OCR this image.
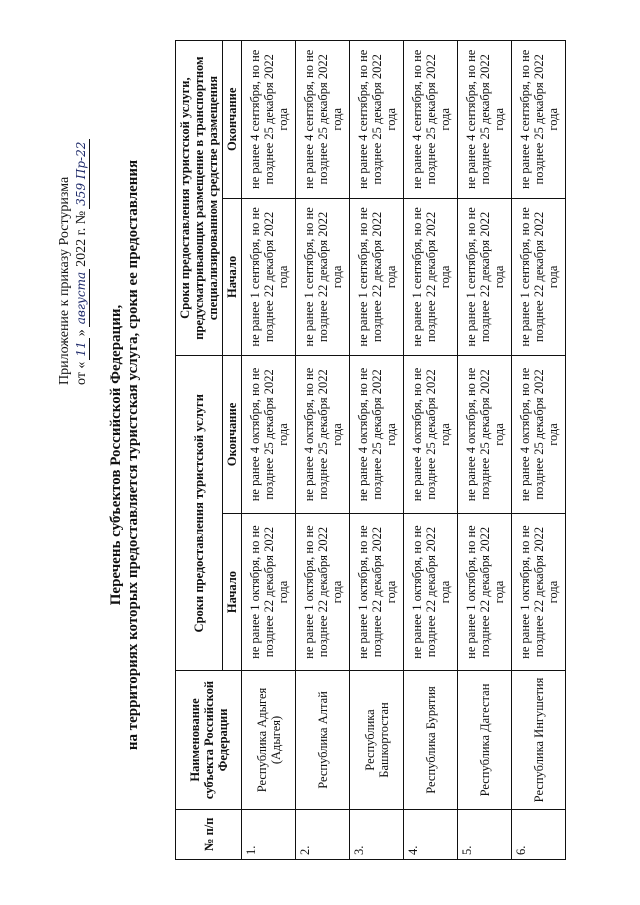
Приложение к приказу Ростуризма от «11»августа2022 г. №359 Пр-22
Перечень субъектов Российской Федерации, на территориях которых предоставляется туристская услуга, сроки ее предоставления
№ п/п	Наименование субъекта Российской Федерации	Сроки предоставления туристской услуги		Сроки предоставления туристской услуги, предусматривающих размещение в транспортном специализированном средстве размещения	
		Начало	Окончание	Начало	Окончание
1.	Республика Адыгея (Адыгея)	не ранее 1 октября, но не позднее 22 декабря 2022 года	не ранее 4 октября, но не позднее 25 декабря 2022 года	не ранее 1 сентября, но не позднее 22 декабря 2022 года	не ранее 4 сентября, но не позднее 25 декабря 2022 года
2.	Республика Алтай	не ранее 1 октября, но не позднее 22 декабря 2022 года	не ранее 4 октября, но не позднее 25 декабря 2022 года	не ранее 1 сентября, но не позднее 22 декабря 2022 года	не ранее 4 сентября, но не позднее 25 декабря 2022 года
3.	Республика Башкортостан	не ранее 1 октября, но не позднее 22 декабря 2022 года	не ранее 4 октября, но не позднее 25 декабря 2022 года	не ранее 1 сентября, но не позднее 22 декабря 2022 года	не ранее 4 сентября, но не позднее 25 декабря 2022 года
4.	Республика Бурятия	не ранее 1 октября, но не позднее 22 декабря 2022 года	не ранее 4 октября, но не позднее 25 декабря 2022 года	не ранее 1 сентября, но не позднее 22 декабря 2022 года	не ранее 4 сентября, но не позднее 25 декабря 2022 года
5.	Республика Дагестан	не ранее 1 октября, но не позднее 22 декабря 2022 года	не ранее 4 октября, но не позднее 25 декабря 2022 года	не ранее 1 сентября, но не позднее 22 декабря 2022 года	не ранее 4 сентября, но не позднее 25 декабря 2022 года
6.	Республика Ингушетия	не ранее 1 октября, но не позднее 22 декабря 2022 года	не ранее 4 октября, но не позднее 25 декабря 2022 года	не ранее 1 сентября, но не позднее 22 декабря 2022 года	не ранее 4 сентября, но не позднее 25 декабря 2022 года
